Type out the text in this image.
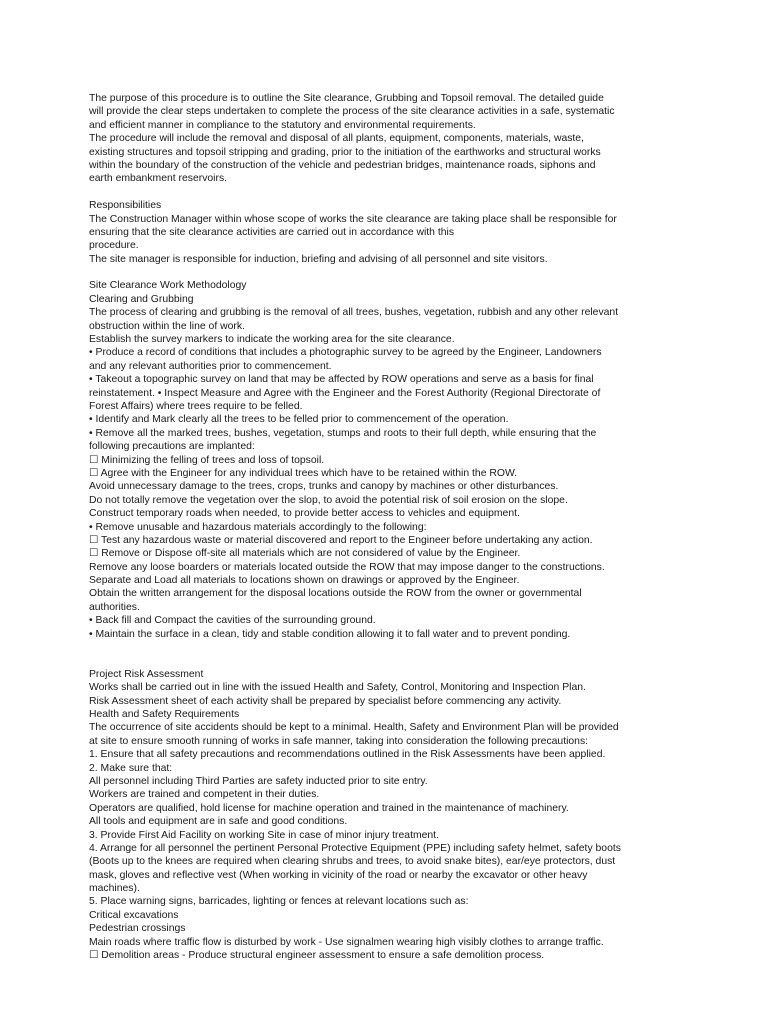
The purpose of this procedure is to outline the Site clearance, Grubbing and Topsoil removal. The detailed guide
will provide the clear steps undertaken to complete the process of the site clearance activities in a safe, systematic
and efficient manner in compliance to the statutory and environmental requirements.
The procedure will include the removal and disposal of all plants, equipment, components, materials, waste,
existing structures and topsoil stripping and grading, prior to the initiation of the earthworks and structural works
within the boundary of the construction of the vehicle and pedestrian bridges, maintenance roads, siphons and
earth embankment reservoirs.
Responsibilities
The Construction Manager within whose scope of works the site clearance are taking place shall be responsible for
ensuring that the site clearance activities are carried out in accordance with this
procedure.
The site manager is responsible for induction, briefing and advising of all personnel and site visitors.
Site Clearance Work Methodology
Clearing and Grubbing
The process of clearing and grubbing is the removal of all trees, bushes, vegetation, rubbish and any other relevant
obstruction within the line of work.
Establish the survey markers to indicate the working area for the site clearance.
• Produce a record of conditions that includes a photographic survey to be agreed by the Engineer, Landowners
and any relevant authorities prior to commencement.
• Takeout a topographic survey on land that may be affected by ROW operations and serve as a basis for final
reinstatement. • Inspect Measure and Agree with the Engineer and the Forest Authority (Regional Directorate of
Forest Affairs) where trees require to be felled.
• Identify and Mark clearly all the trees to be felled prior to commencement of the operation.
• Remove all the marked trees, bushes, vegetation, stumps and roots to their full depth, while ensuring that the
following precautions are implanted:
☐ Minimizing the felling of trees and loss of topsoil.
☐ Agree with the Engineer for any individual trees which have to be retained within the ROW.
Avoid unnecessary damage to the trees, crops, trunks and canopy by machines or other disturbances.
Do not totally remove the vegetation over the slop, to avoid the potential risk of soil erosion on the slope.
Construct temporary roads when needed, to provide better access to vehicles and equipment.
• Remove unusable and hazardous materials accordingly to the following:
☐ Test any hazardous waste or material discovered and report to the Engineer before undertaking any action.
☐ Remove or Dispose off-site all materials which are not considered of value by the Engineer.
Remove any loose boarders or materials located outside the ROW that may impose danger to the constructions.
Separate and Load all materials to locations shown on drawings or approved by the Engineer.
Obtain the written arrangement for the disposal locations outside the ROW from the owner or governmental
authorities.
• Back fill and Compact the cavities of the surrounding ground.
• Maintain the surface in a clean, tidy and stable condition allowing it to fall water and to prevent ponding.
Project Risk Assessment
Works shall be carried out in line with the issued Health and Safety, Control, Monitoring and Inspection Plan.
Risk Assessment sheet of each activity shall be prepared by specialist before commencing any activity.
Health and Safety Requirements
The occurrence of site accidents should be kept to a minimal. Health, Safety and Environment Plan will be provided
at site to ensure smooth running of works in safe manner, taking into consideration the following precautions:
1. Ensure that all safety precautions and recommendations outlined in the Risk Assessments have been applied.
2. Make sure that:
All personnel including Third Parties are safety inducted prior to site entry.
Workers are trained and competent in their duties.
Operators are qualified, hold license for machine operation and trained in the maintenance of machinery.
All tools and equipment are in safe and good conditions.
3. Provide First Aid Facility on working Site in case of minor injury treatment.
4. Arrange for all personnel the pertinent Personal Protective Equipment (PPE) including safety helmet, safety boots
(Boots up to the knees are required when clearing shrubs and trees, to avoid snake bites), ear/eye protectors, dust
mask, gloves and reflective vest (When working in vicinity of the road or nearby the excavator or other heavy
machines).
5. Place warning signs, barricades, lighting or fences at relevant locations such as:
Critical excavations
Pedestrian crossings
Main roads where traffic flow is disturbed by work - Use signalmen wearing high visibly clothes to arrange traffic.
☐ Demolition areas - Produce structural engineer assessment to ensure a safe demolition process.
